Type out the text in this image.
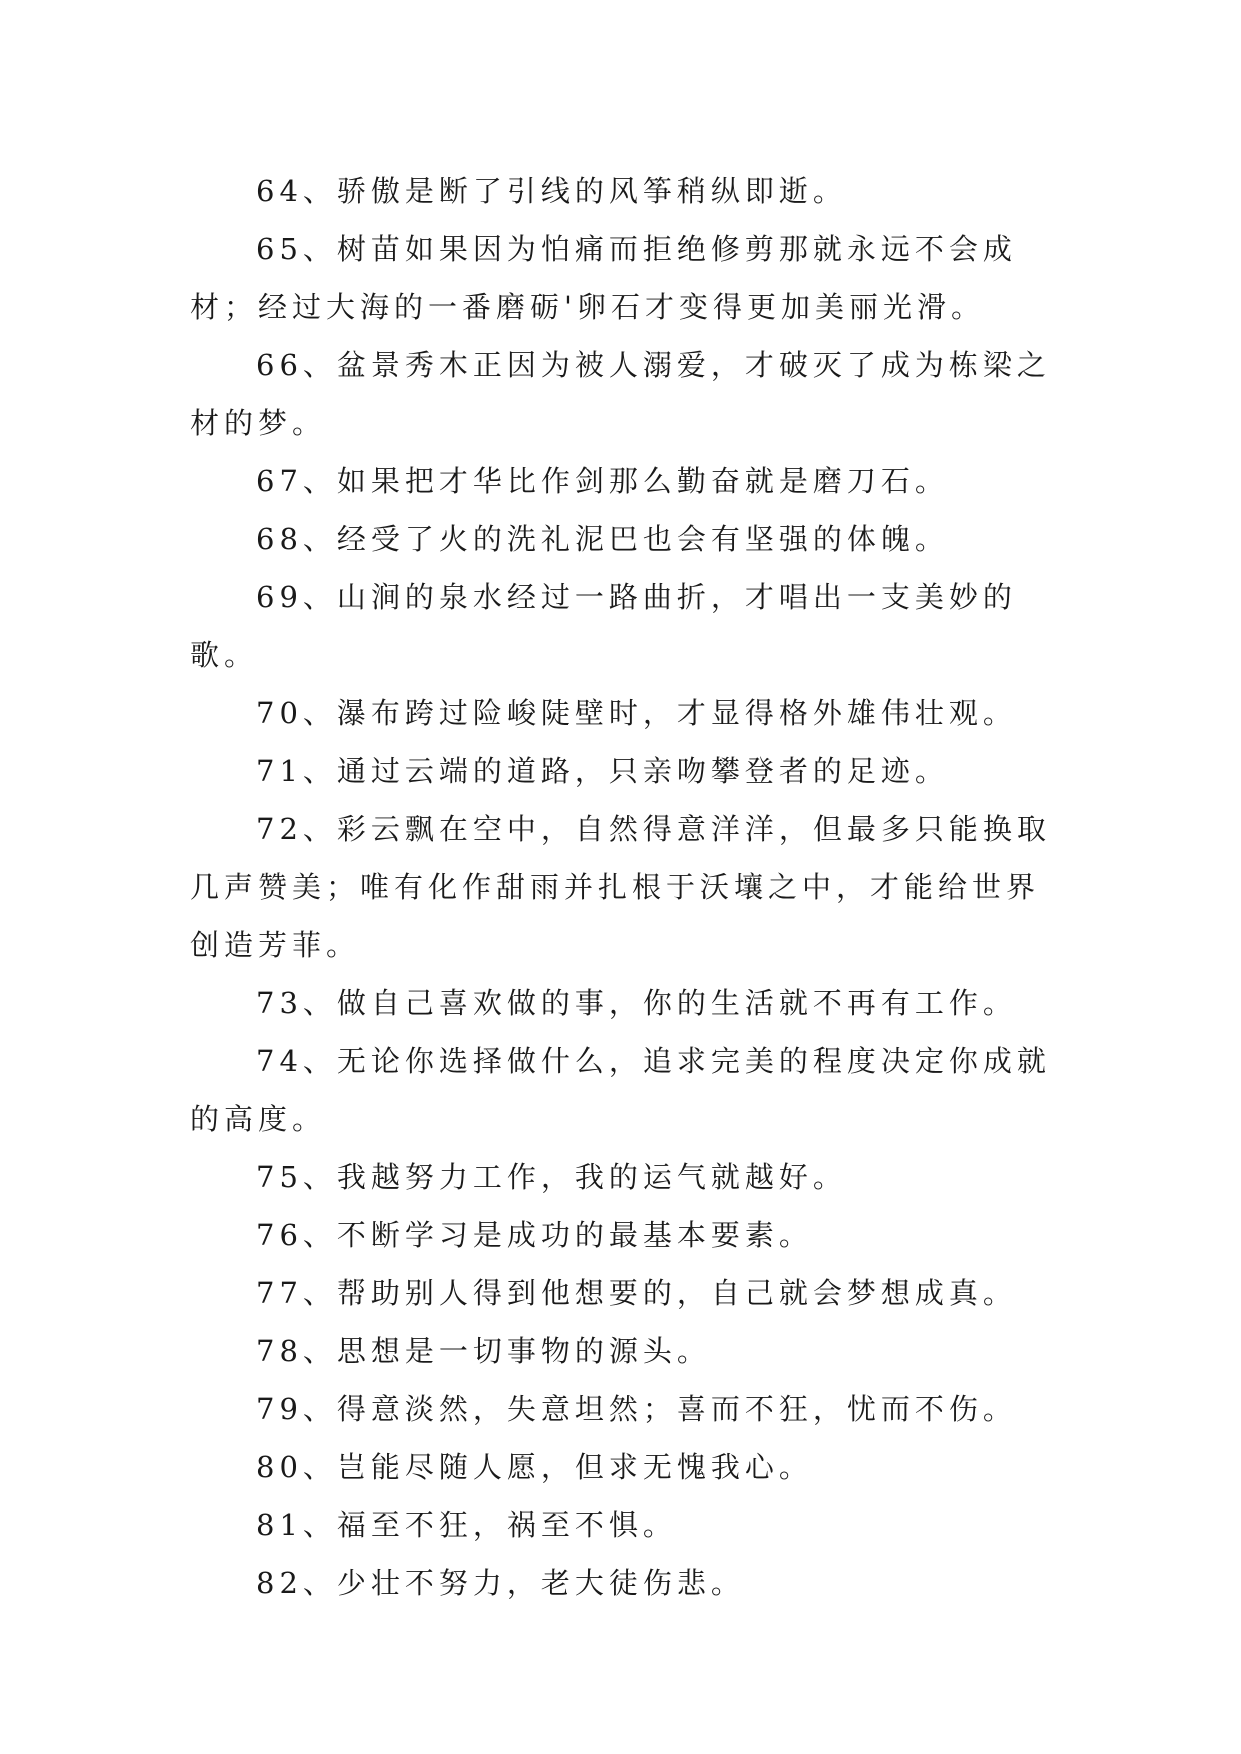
64、骄傲是断了引线的风筝稍纵即逝。

65、树苗如果因为怕痛而拒绝修剪那就永远不会成材；经过大海的一番磨砺'卵石才变得更加美丽光滑。

66、盆景秀木正因为被人溺爱，才破灭了成为栋梁之材的梦。

67、如果把才华比作剑那么勤奋就是磨刀石。

68、经受了火的洗礼泥巴也会有坚强的体魄。

69、山涧的泉水经过一路曲折，才唱出一支美妙的歌。

70、瀑布跨过险峻陡壁时，才显得格外雄伟壮观。

71、通过云端的道路，只亲吻攀登者的足迹。

72、彩云飘在空中，自然得意洋洋，但最多只能换取几声赞美；唯有化作甜雨并扎根于沃壤之中，才能给世界创造芳菲。

73、做自己喜欢做的事，你的生活就不再有工作。

74、无论你选择做什么，追求完美的程度决定你成就的高度。

75、我越努力工作，我的运气就越好。

76、不断学习是成功的最基本要素。

77、帮助别人得到他想要的，自己就会梦想成真。

78、思想是一切事物的源头。

79、得意淡然，失意坦然；喜而不狂，忧而不伤。

80、岂能尽随人愿，但求无愧我心。

81、福至不狂，祸至不惧。

82、少壮不努力，老大徒伤悲。
